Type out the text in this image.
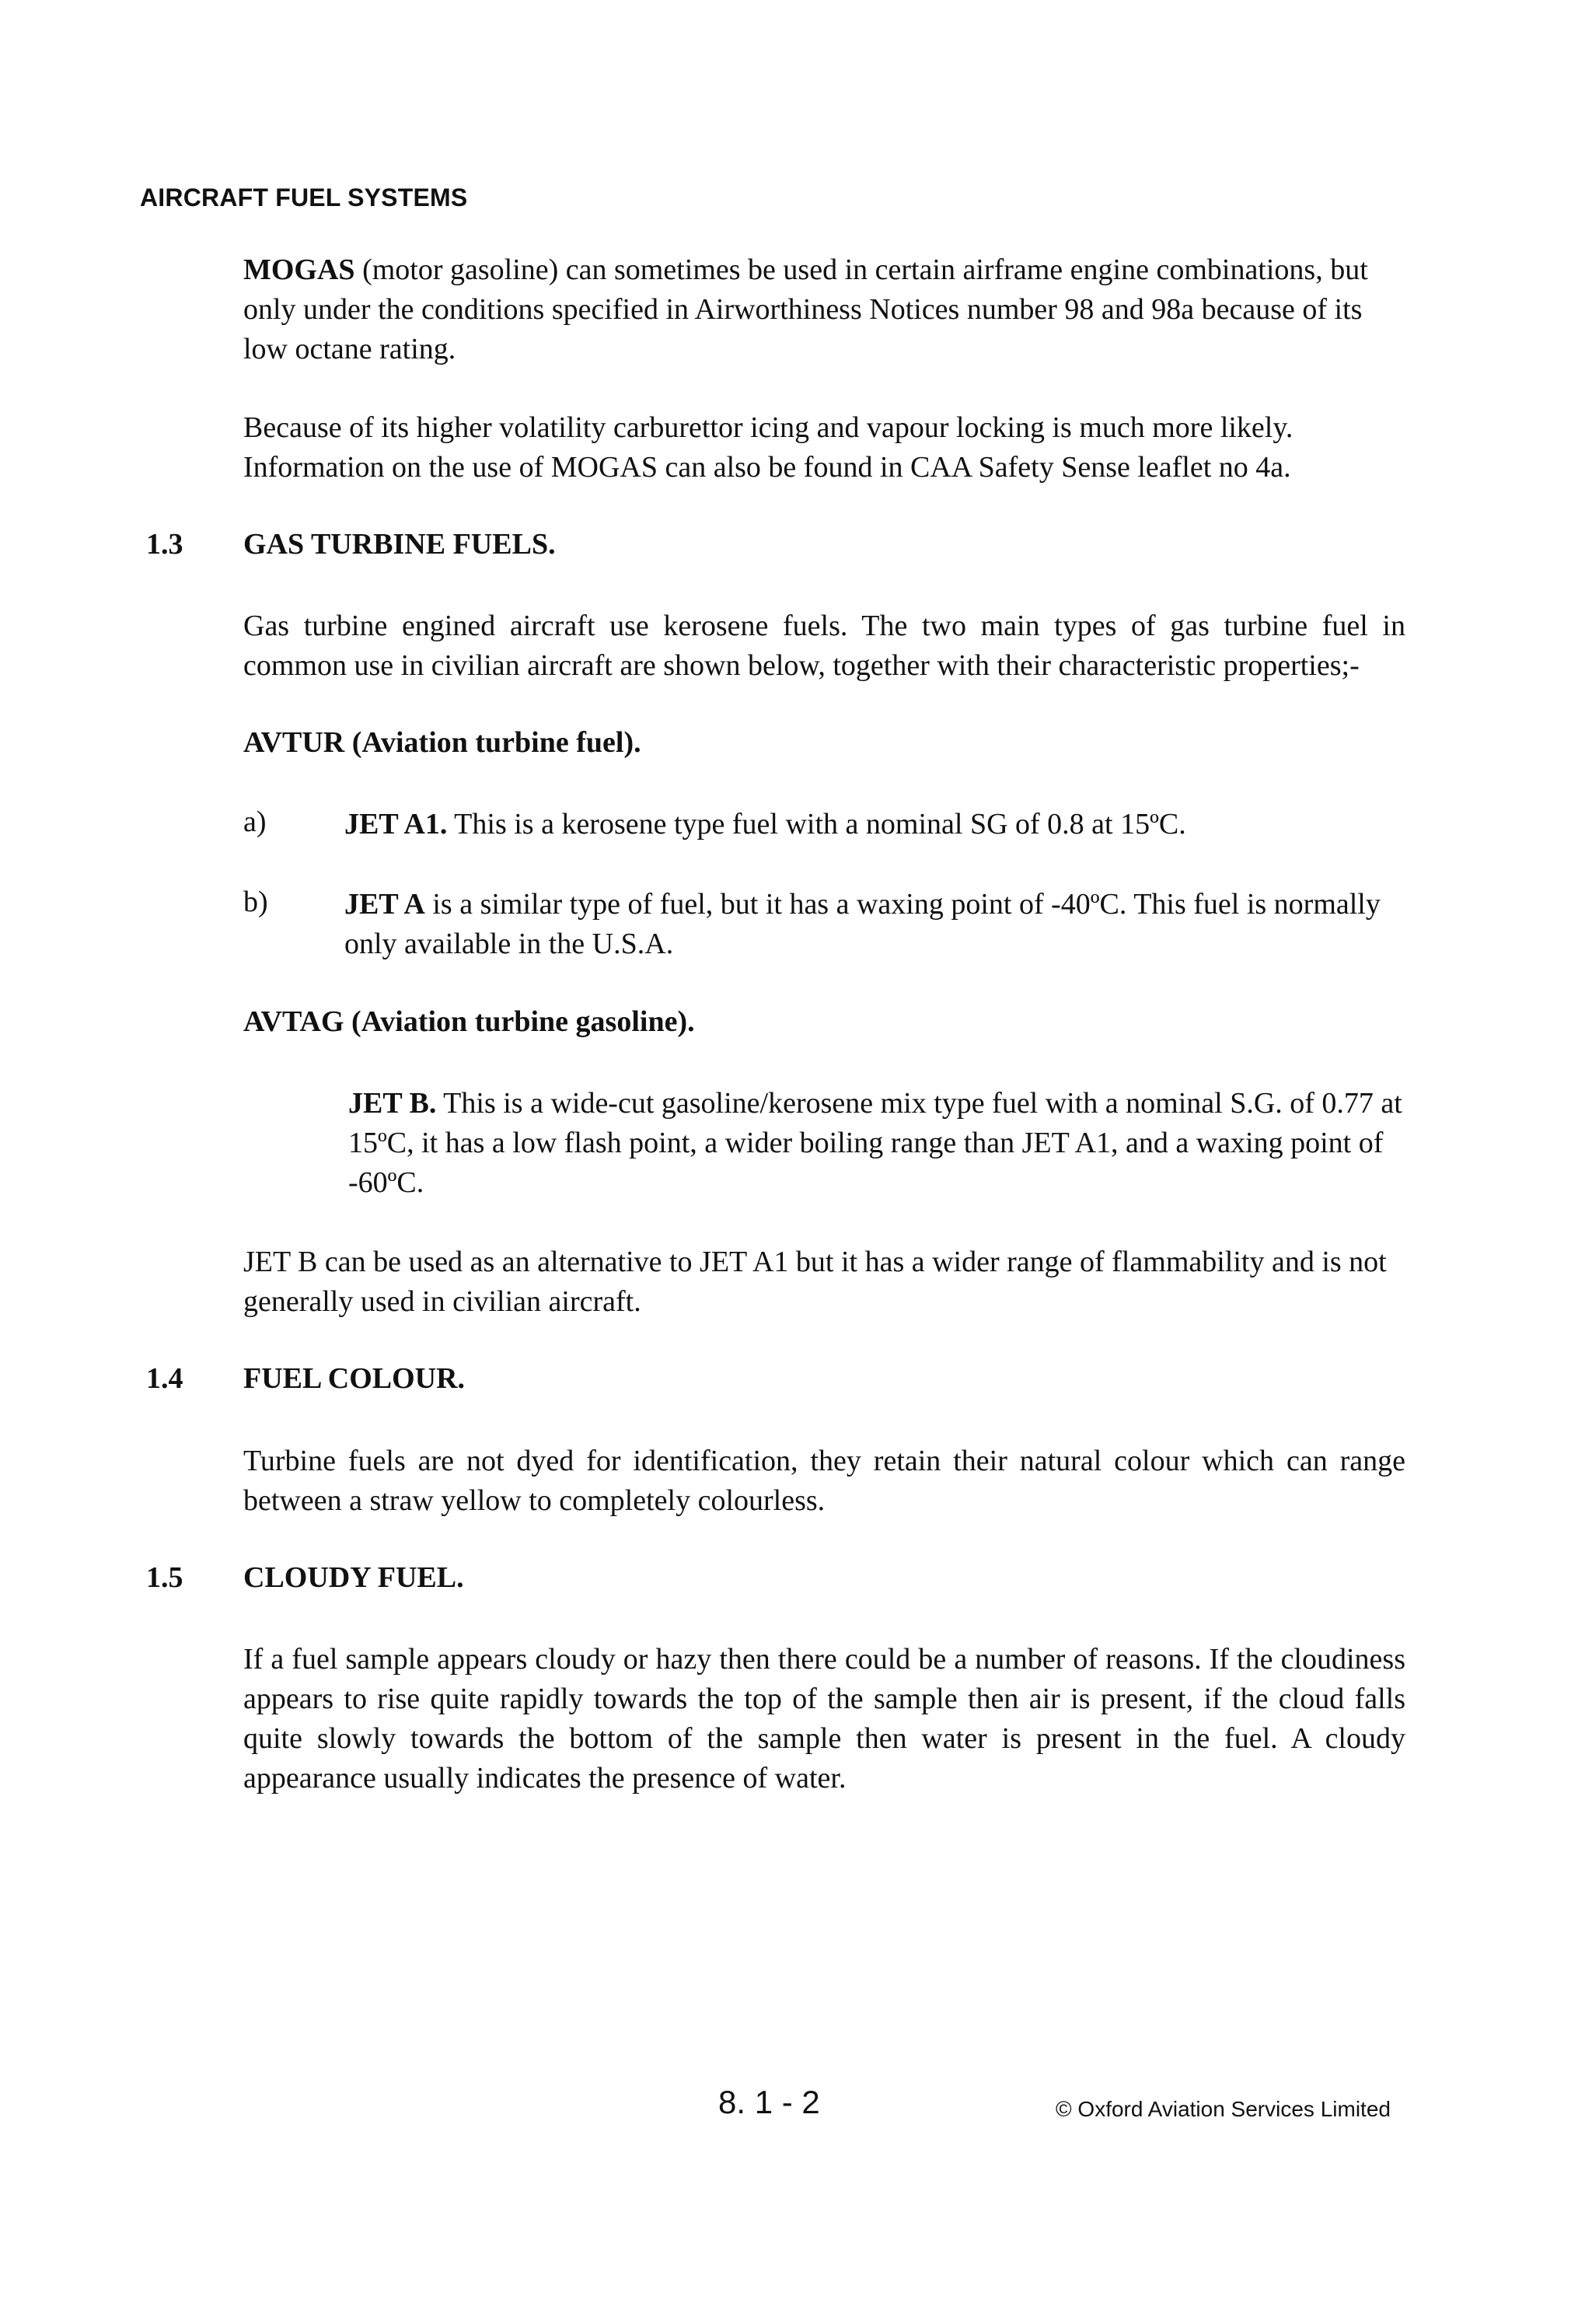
AIRCRAFT FUEL SYSTEMS
MOGAS (motor gasoline) can sometimes be used in certain airframe engine combinations, but only under the conditions specified in Airworthiness Notices number 98 and 98a because of its low octane rating.
Because of its higher volatility carburettor icing and vapour locking is much more likely. Information on the use of MOGAS can also be found in CAA Safety Sense leaflet no 4a.
1.3 GAS TURBINE FUELS.
Gas turbine engined aircraft use kerosene fuels. The two main types of gas turbine fuel in common use in civilian aircraft are shown below, together with their characteristic properties;-
AVTUR (Aviation turbine fuel).
a)	JET A1. This is a kerosene type fuel with a nominal SG of 0.8 at 15ºC.
b)	JET A is a similar type of fuel, but it has a waxing point of -40ºC. This fuel is normally only available in the U.S.A.
AVTAG (Aviation turbine gasoline).
JET B. This is a wide-cut gasoline/kerosene mix type fuel with a nominal S.G. of 0.77 at 15ºC, it has a low flash point, a wider boiling range than JET A1, and a waxing point of -60ºC.
JET B can be used as an alternative to JET A1 but it has a wider range of flammability and is not generally used in civilian aircraft.
1.4 FUEL COLOUR.
Turbine fuels are not dyed for identification, they retain their natural colour which can range between a straw yellow to completely colourless.
1.5 CLOUDY FUEL.
If a fuel sample appears cloudy or hazy then there could be a number of reasons. If the cloudiness appears to rise quite rapidly towards the top of the sample then air is present, if the cloud falls quite slowly towards the bottom of the sample then water is present in the fuel. A cloudy appearance usually indicates the presence of water.
8. 1 - 2	© Oxford Aviation Services Limited
